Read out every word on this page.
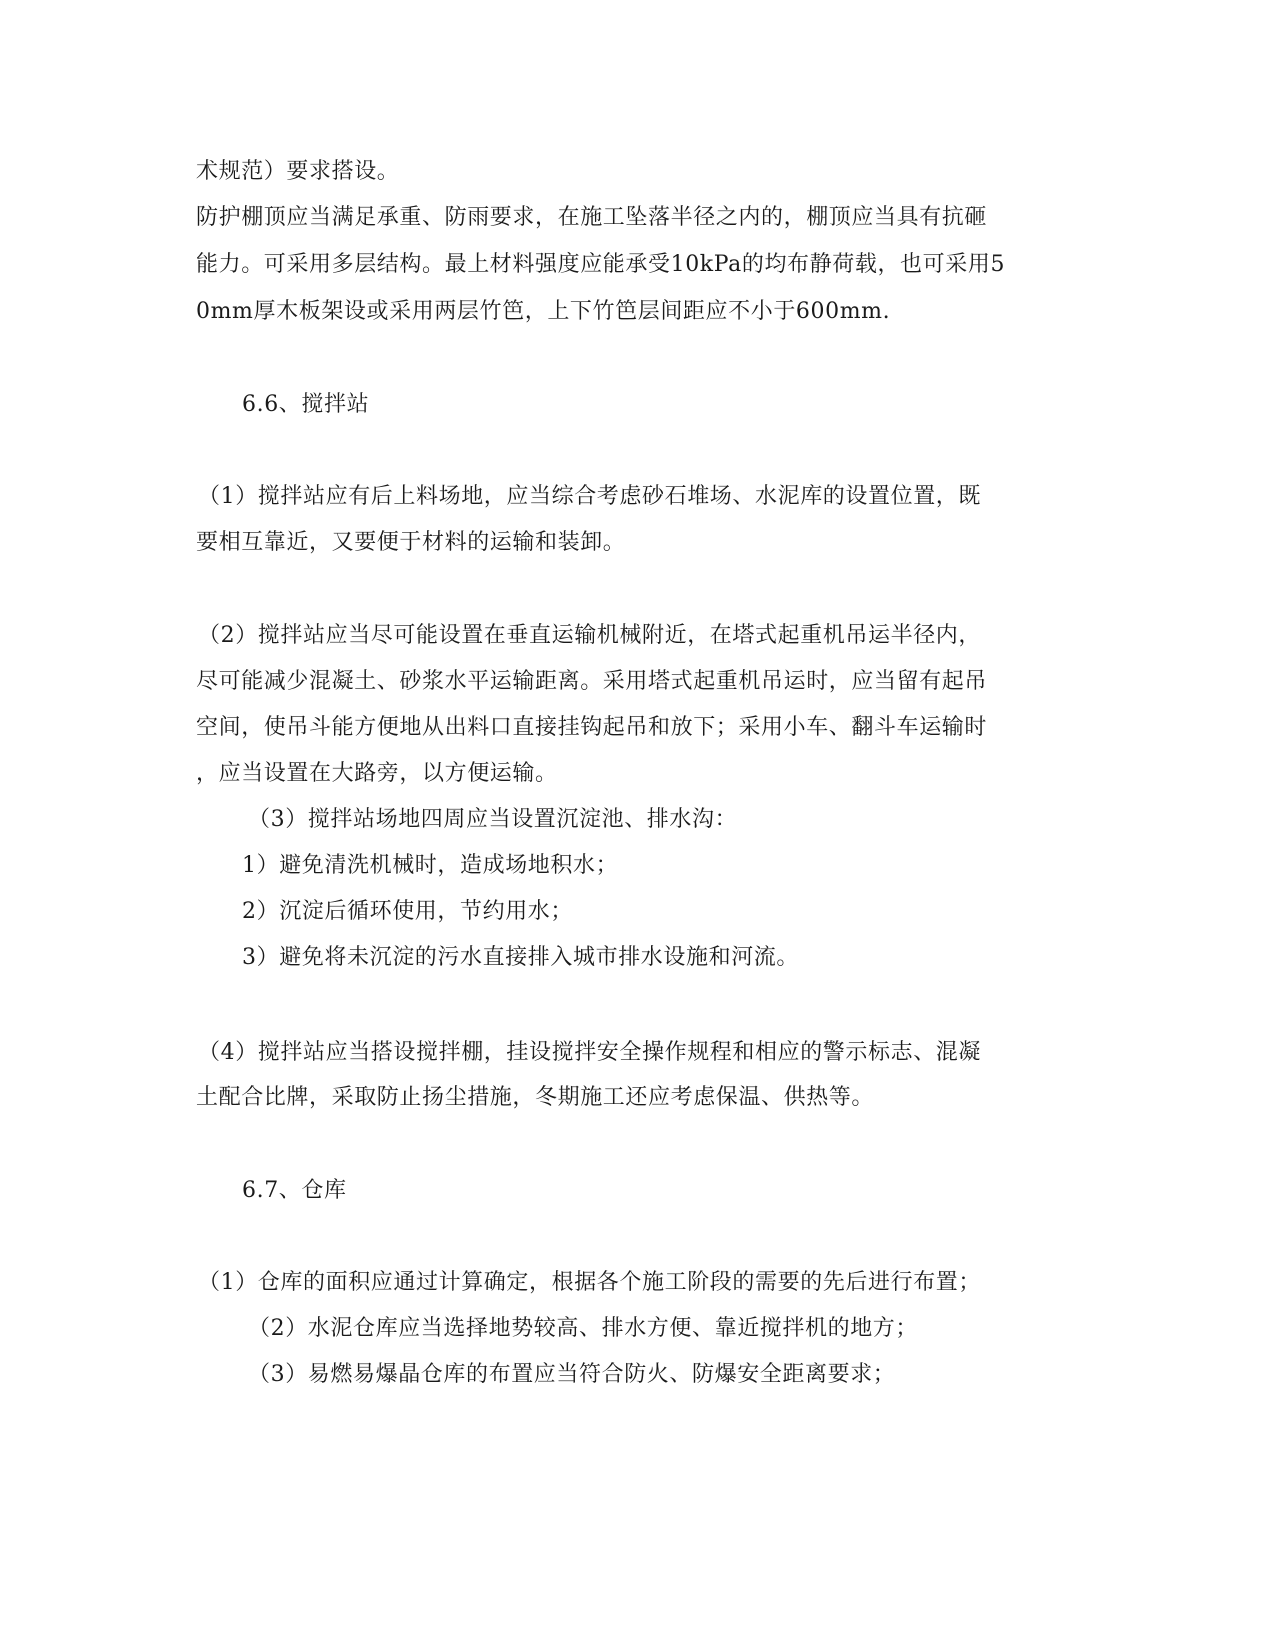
术规范）要求搭设。

防护棚顶应当满足承重、防雨要求，在施工坠落半径之内的，棚顶应当具有抗砸

能力。可采用多层结构。最上材料强度应能承受10kPa的均布静荷载，也可采用5

0mm厚木板架设或采用两层竹笆，上下竹笆层间距应不小于600mm.

6.6、搅拌站

（1）搅拌站应有后上料场地，应当综合考虑砂石堆场、水泥库的设置位置，既

要相互靠近，又要便于材料的运输和装卸。

（2）搅拌站应当尽可能设置在垂直运输机械附近，在塔式起重机吊运半径内，

尽可能减少混凝土、砂浆水平运输距离。采用塔式起重机吊运时，应当留有起吊

空间，使吊斗能方便地从出料口直接挂钩起吊和放下；采用小车、翻斗车运输时

，应当设置在大路旁，以方便运输。

（3）搅拌站场地四周应当设置沉淀池、排水沟：

1）避免清洗机械时，造成场地积水；

2）沉淀后循环使用，节约用水；

3）避免将未沉淀的污水直接排入城市排水设施和河流。

（4）搅拌站应当搭设搅拌棚，挂设搅拌安全操作规程和相应的警示标志、混凝

土配合比牌，采取防止扬尘措施，冬期施工还应考虑保温、供热等。

6.7、仓库

（1）仓库的面积应通过计算确定，根据各个施工阶段的需要的先后进行布置；

（2）水泥仓库应当选择地势较高、排水方便、靠近搅拌机的地方；

（3）易燃易爆晶仓库的布置应当符合防火、防爆安全距离要求；
